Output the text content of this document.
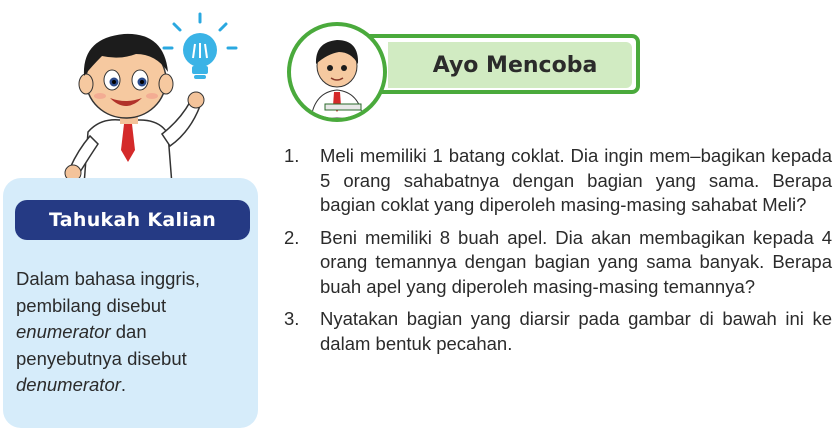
Tahukah Kalian
Dalam bahasa inggris, pembilang disebut enumerator dan penyebutnya disebut denumerator.
Ayo Mencoba
1. Meli memiliki 1 batang coklat. Dia ingin mem–bagikan kepada 5 orang sahabatnya dengan bagian yang sama. Berapa bagian coklat yang diperoleh masing-masing sahabat Meli?
2. Beni memiliki 8 buah apel. Dia akan membagikan kepada 4 orang temannya dengan bagian yang sama banyak. Berapa buah apel yang diperoleh masing-masing temannya?
3. Nyatakan bagian yang diarsir pada gambar di bawah ini ke dalam bentuk pecahan.
